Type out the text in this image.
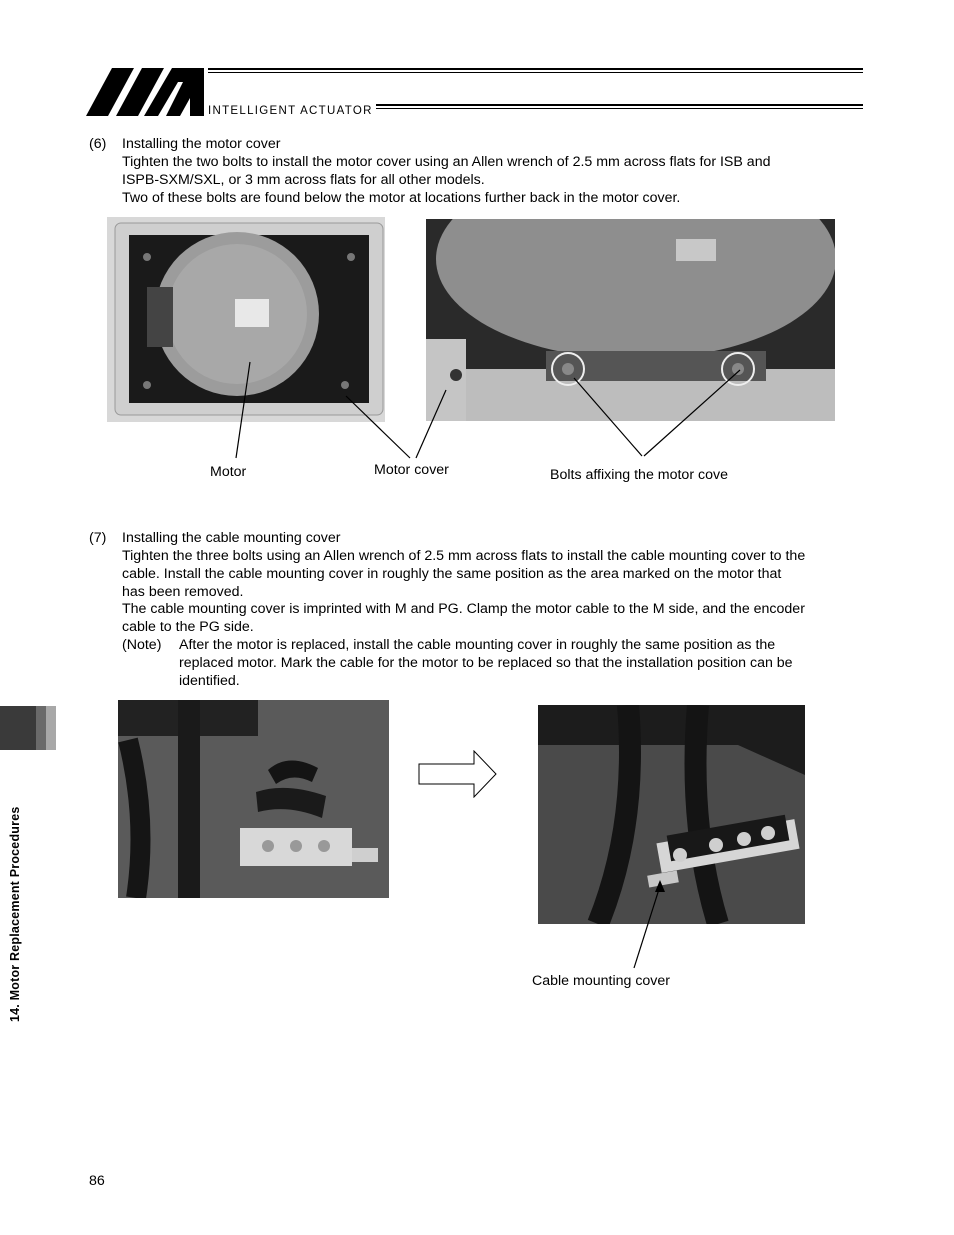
INTELLIGENT ACTUATOR
(6) Installing the motor cover
Tighten the two bolts to install the motor cover using an Allen wrench of 2.5 mm across flats for ISB and
ISPB-SXM/SXL, or 3 mm across flats for all other models.
Two of these bolts are found below the motor at locations further back in the motor cover.
Motor	Motor cover	Bolts affixing the motor cove
(7) Installing the cable mounting cover
Tighten the three bolts using an Allen wrench of 2.5 mm across flats to install the cable mounting cover to the
cable. Install the cable mounting cover in roughly the same position as the area marked on the motor that
has been removed.
The cable mounting cover is imprinted with M and PG. Clamp the motor cable to the M side, and the encoder
cable to the PG side.
(Note) After the motor is replaced, install the cable mounting cover in roughly the same position as the
replaced motor. Mark the cable for the motor to be replaced so that the installation position can be
identified.
Cable mounting cover
14. Motor Replacement Procedures
86
